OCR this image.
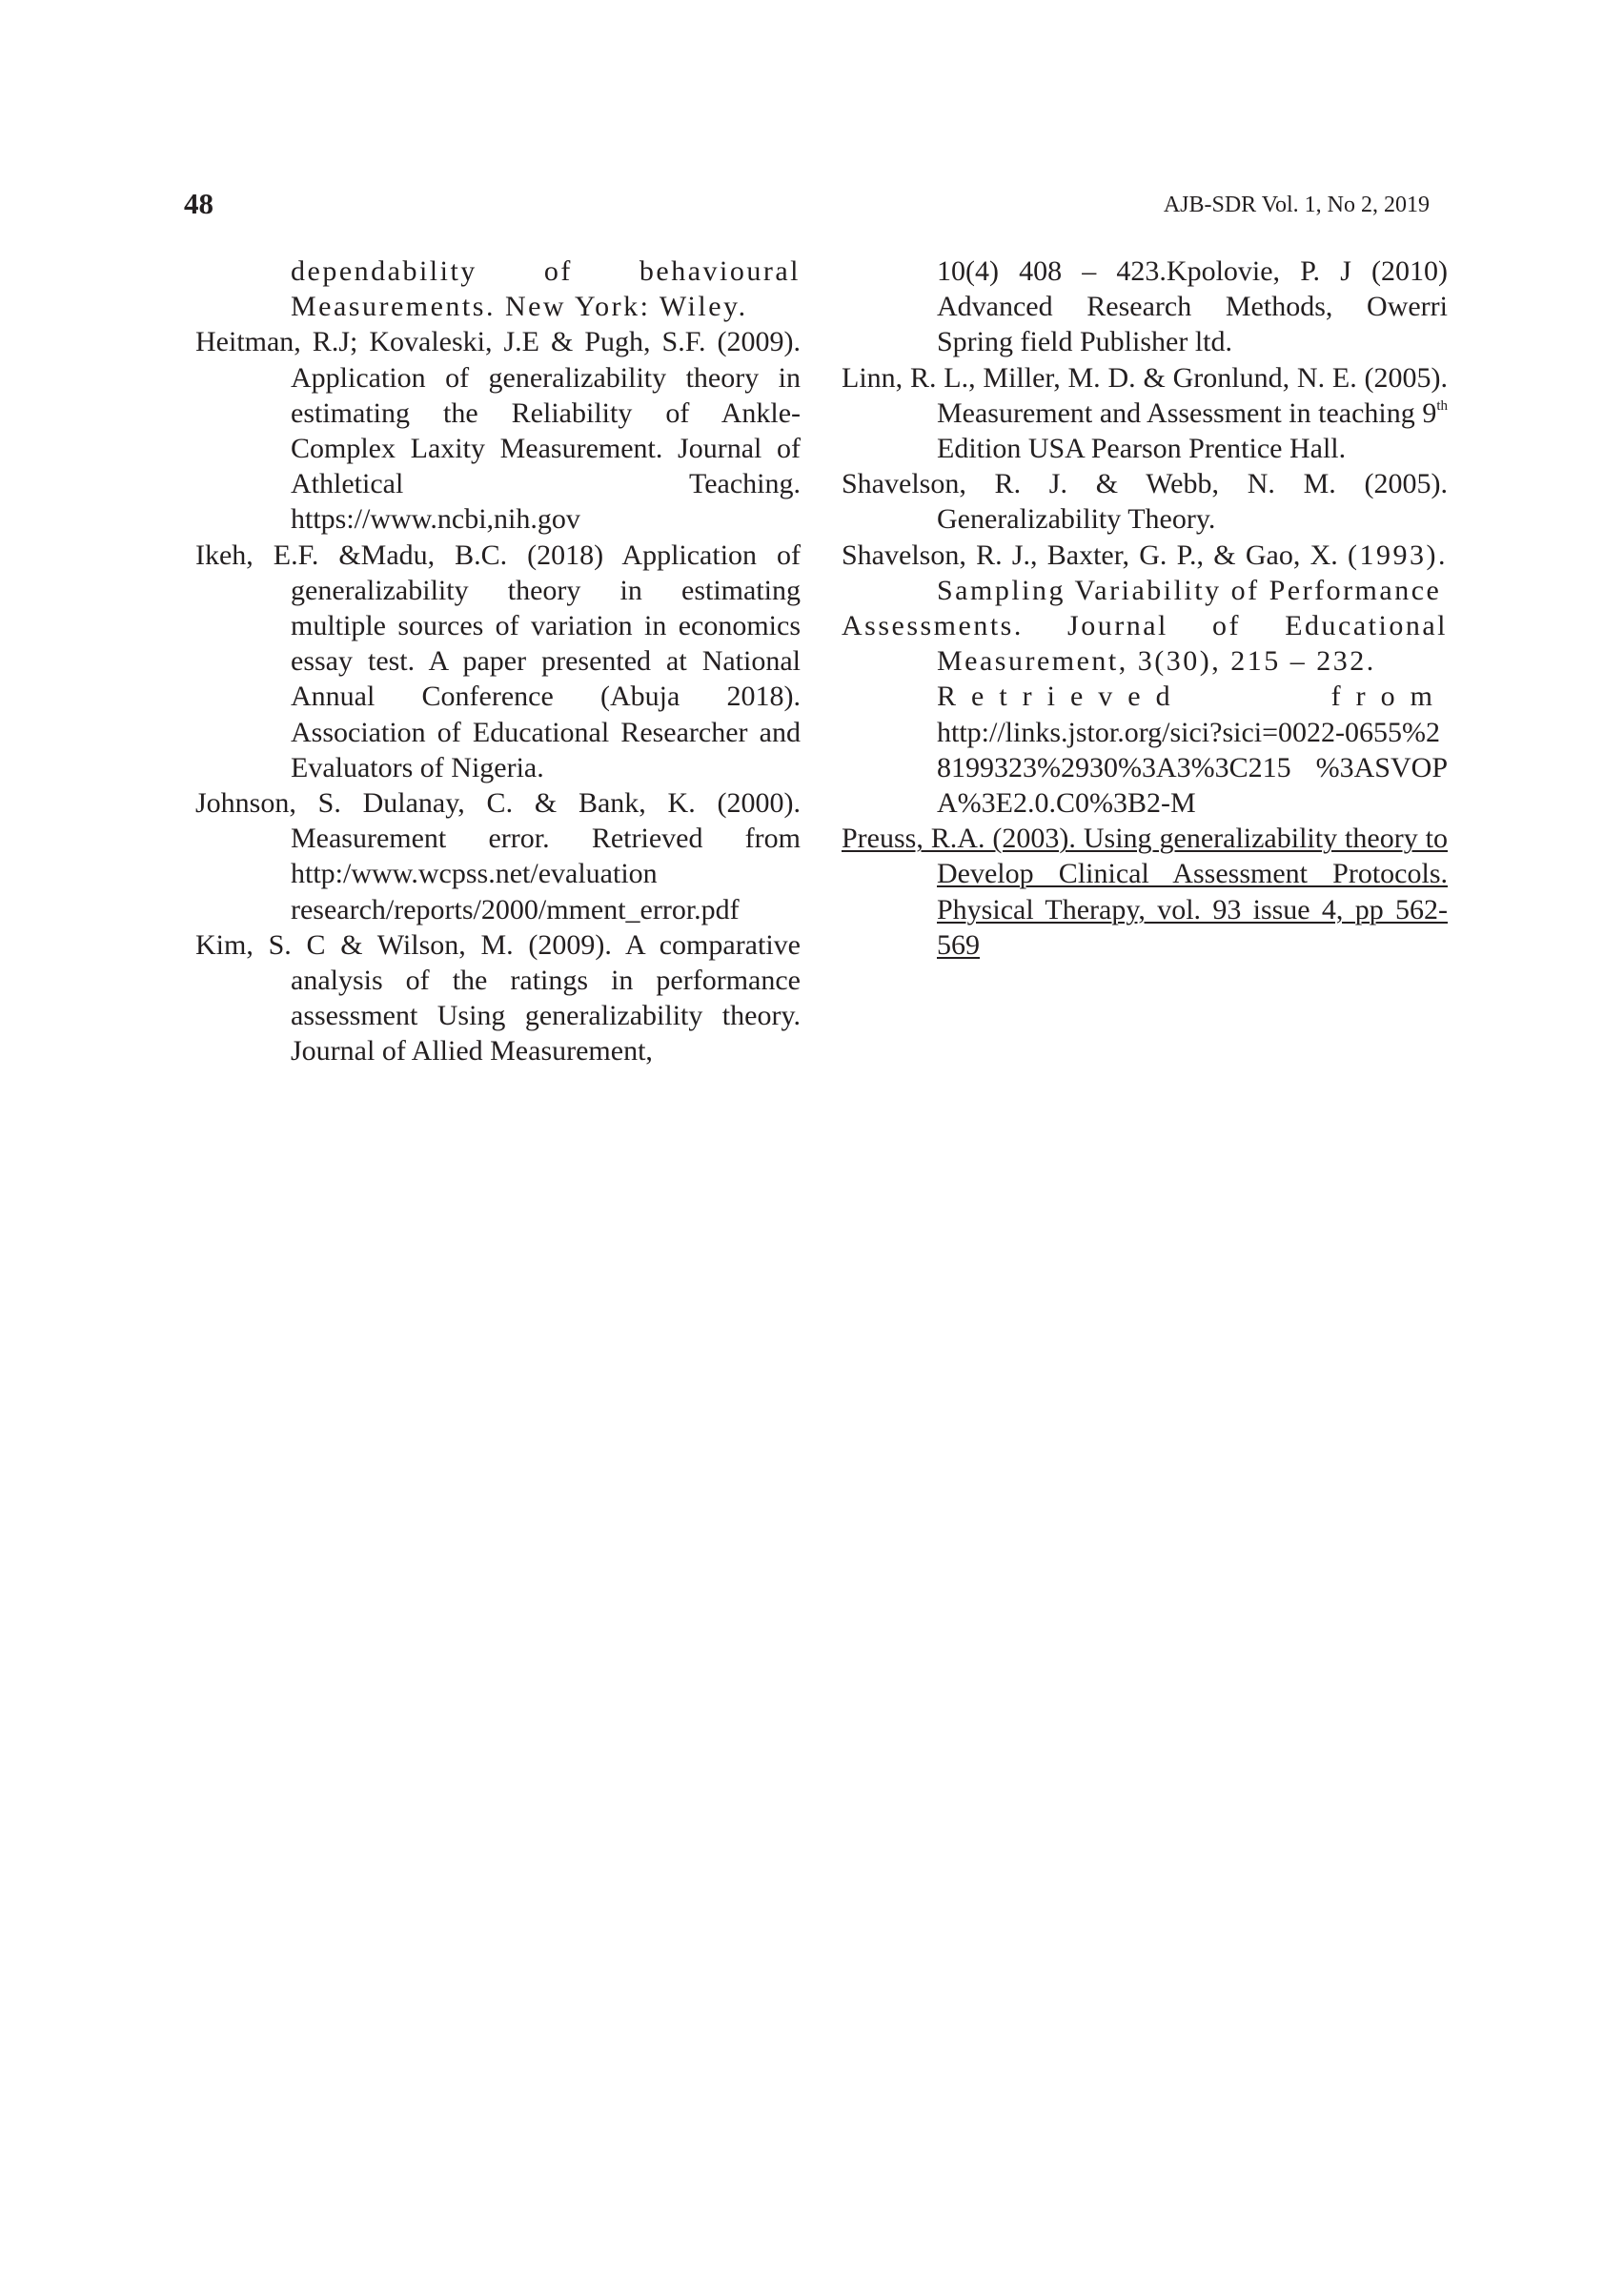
48	AJB-SDR Vol. 1, No 2, 2019
dependability of behavioural Measurements. New York: Wiley.
Heitman, R.J; Kovaleski, J.E & Pugh, S.F. (2009). Application of generalizability theory in estimating the Reliability of Ankle- Complex Laxity Measurement. Journal of Athletical Teaching. https://www.ncbi,nih.gov
Ikeh, E.F. &Madu, B.C. (2018) Application of generalizability theory in estimating multiple sources of variation in economics essay test. A paper presented at National Annual Conference (Abuja 2018). Association of Educational Researcher and Evaluators of Nigeria.
Johnson, S. Dulanay, C. & Bank, K. (2000). Measurement error. Retrieved from http:/www.wcpss.net/evaluation research/reports/2000/mment_error.pdf
Kim, S. C & Wilson, M. (2009). A comparative analysis of the ratings in performance assessment Using generalizability theory. Journal of Allied Measurement,
10(4) 408 – 423.Kpolovie, P. J (2010) Advanced Research Methods, Owerri Spring field Publisher ltd.
Linn, R. L., Miller, M. D. & Gronlund, N. E. (2005). Measurement and Assessment in teaching 9th Edition USA Pearson Prentice Hall.
Shavelson, R. J. & Webb, N. M. (2005). Generalizability Theory.
Shavelson, R. J., Baxter, G. P., & Gao, X. (1993). Sampling Variability of Performance
Assessments. Journal of Educational Measurement, 3(30), 215 – 232.
Retrieved	from
http://links.jstor.org/sici?sici=0022-0655%28199323%2930%3A3%3C215 %3ASVOPA%3E2.0.C0%3B2-M
Preuss, R.A. (2003). Using generalizability theory to Develop Clinical Assessment Protocols. Physical Therapy, vol. 93 issue 4, pp 562-569
